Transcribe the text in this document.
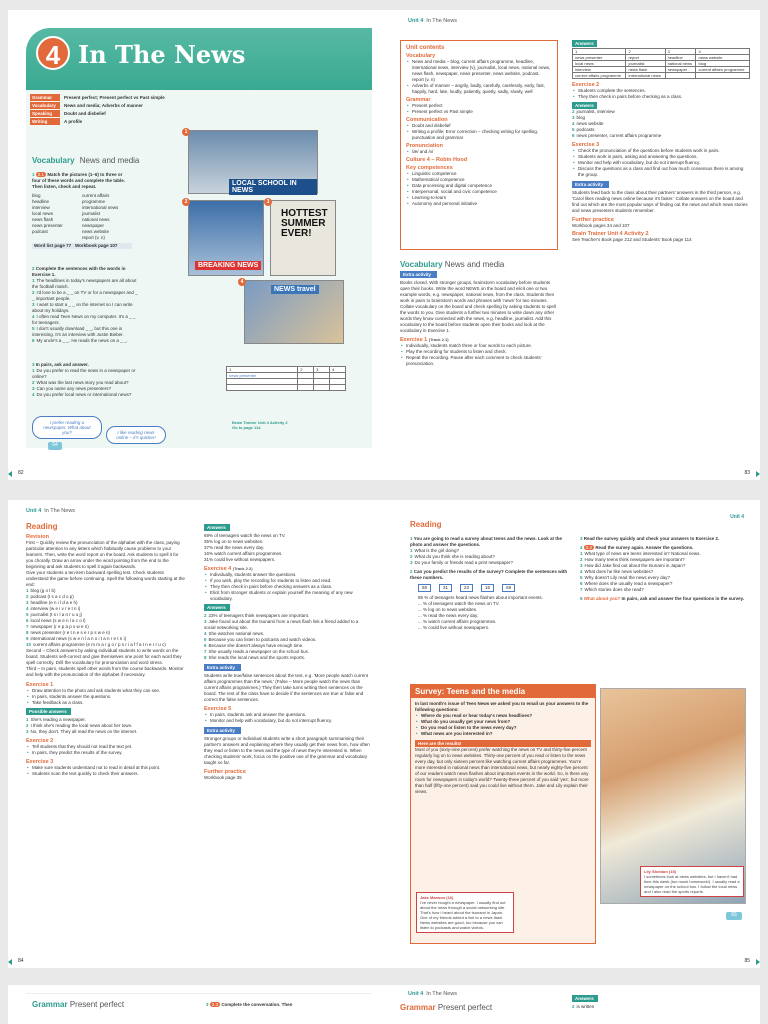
4 In The News
Grammar	Present perfect; Present perfect vs Past simple
Vocabulary	News and media; Adverbs of manner
Speaking	Doubt and disbelief
Writing	A profile
Vocabulary News and media
1 2.1 Match the pictures (1–6) to three or four of these words and complete the table. Then listen, check and repeat.
blog
headline
interview
local news
news flash
news presenter
podcast
current affairs programme
international news
journalist
national news
newspaper
news website
report (v, n)
Word list page 77 Workbook page 107
2 Complete the sentences with the words in Exercise 1.
1 The headlines in today's newspapers are all about the football match.
2 I'd love to be a _ _ on TV or for a newspaper and _ _ important people.
3 I want to start a _ _ on the internet so I can write about my holidays.
4 I often read Teen News on my computer. It's a _ _ for teenagers.
5 I don't usually download _ _, but this one is interesting. It's an interview with Justin Bieber.
6 My uncle's a _ _. He reads the news on a _ _.
3 In pairs, ask and answer.
1 Do you prefer to read the news in a newspaper or online?
2 What was the last news story you read about?
3 Can you name any news presenters?
4 Do you prefer local news or international news?
I prefer reading a newspaper. What about you?	I like reading news online – it's quicker!
LOCAL SCHOOL IN NEWS
1
BREAKING NEWS
2
HOTTEST SUMMER EVER!
3
NEWS travel
4
1	2	3	4
news presenter			

Brain Trainer Unit 4 Activity 2 Go to page 114
64
82
Unit 4 In The News
Unit contents
Vocabulary
• News and media – blog, current affairs programme, headline, international news, interview (v), journalist, local news, national news, news flash, newspaper, news presenter, news website, podcast, report (v, n)
• Adverbs of manner – angrily, badly, carefully, carelessly, early, fast, happily, hard, late, loudly, patiently, quietly, sadly, slowly, well
Grammar
• Present perfect
• Present perfect vs Past simple
Communication
• Doubt and disbelief
• Writing a profile; Error correction – checking writing for spelling, punctuation and grammar
Pronunciation
• /æ/ and /ʌ/
Culture 4 – Robin Hood
Key competences
• Linguistic competence
• Mathematical competence
• Data processing and digital competence
• Interpersonal, social and civic competence
• Learning-to-learn
• Autonomy and personal initiative
Vocabulary News and media
Extra activity
Books closed. With stronger groups, brainstorm vocabulary before students open their books. Write the word NEWS on the board and elicit one or two example words, e.g. newspaper, national news, from the class. Students then work in pairs to brainstorm words and phrases with 'news' for two minutes. Collate vocabulary on the board and check spelling by asking students to spell the words to you. Give students a further two minutes to write down any other words they know connected with the news, e.g. headline, journalist. Add this vocabulary to the board before students open their books and look at the vocabulary in Exercise 1.
Exercise 1 (Track 2.1)
• Individually, students match three or four words to each picture.
• Play the recording for students to listen and check.
• Repeat the recording. Pause after each comment to check students' pronunciation.
Answers
1	2	3	4
news presenter	report	headline	news website
local news	journalist	national news	blog
interview	news flash	newspaper	current affairs programme
current affairs programme	international news		
Exercise 2
• Students complete the sentences.
• They then check in pairs before checking as a class.
Answers
2 journalist, interview
3 blog
4 news website
5 podcasts
6 news presenter, current affairs programme
Exercise 3
• Check the pronunciation of the questions before students work in pairs.
• Students work in pairs, asking and answering the questions.
• Monitor and help with vocabulary, but do not interrupt fluency.
• Discuss the questions as a class and find out how much consensus there is among the group.
Extra activity
Students feed back to the class about their partners' answers in the third person, e.g. 'Carol likes reading news online because it's faster.' Collate answers on the board and find out which are the most popular ways of finding out the news and which news stories and news presenters students remember.
Further practice
Workbook pages 34 and 107
Brain Trainer Unit 4 Activity 2
See Teacher's Book page 212 and Students' Book page 114
83
Unit 4 In The News
Reading
Revision
First – Quickly review the pronunciation of the alphabet with the class, paying particular attention to any letters which habitually cause problems to your learners. Then, write the word report on the board. Ask students to spell it for you chorally. Draw an arrow under the word pointing from the end to the beginning and ask students to spell it again backwards.
Give your students a ten-item backward spelling test. Check students understand the game before continuing. Spell the following words starting at the end:
1 blog (g o l b)
2 podcast (t s a c d o p)
3 headline (e n i l d a e h)
4 interview (w e i v r e t n i)
5 journalist (t s i l a n r u o j)
6 local news (s w e n l a c o l)
7 newspaper (r e p a p s w e n)
8 news presenter (r e t n e s e r p s w e n)
9 international news (s w e n l a n o i t a n r e t n i)
10 current affairs programme (e m m a r g o r p s r i a f f a t n e r r u c)
Second – Check answers by asking individual students to write words on the board. Students self-correct and give themselves one point for each word they spell correctly. Drill the vocabulary for pronunciation and word stress.
Third – In pairs, students spell other words from the course backwards. Monitor and help with the pronunciation of the alphabet if necessary.
Exercise 1
• Draw attention to the photo and ask students what they can see.
• In pairs, students answer the questions.
• Take feedback as a class.
Possible answers
1 She's reading a newspaper.
2 I think she's reading the local news about her town.
3 No, they don't. They all read the news on the internet.
Exercise 2
• Tell students that they should not read the text yet.
• In pairs, they predict the results of the survey.
Exercise 3
• Make sure students understand not to read in detail at this point.
• Students scan the text quickly to check their answers.
Answers
69% of teenagers watch the news on TV.
35% log on to news websites.
37% read the news every day.
16% watch current affairs programmes.
31% could live without newspapers.
Exercise 4 (Track 2.2)
• Individually, students answer the questions.
• If you wish, play the recording for students to listen and read.
• They then check in pairs before checking answers as a class.
• Elicit from stronger students or explain yourself the meaning of any new vocabulary.
Answers
2 23% of teenagers think newspapers are important.
3 Jake found out about the tsunami from a news flash link a friend added to a social networking site.
4 She watches national news.
5 Because you can listen to podcasts and watch videos.
6 Because she doesn't always have enough time.
7 She usually reads a newspaper on the school bus.
8 She reads the local news and the sports reports.
Extra activity
Students write true/false sentences about the text, e.g. 'More people watch current affairs programmes than the news.' (False – More people watch the news than current affairs programmes.) They then take turns writing their sentences on the board. The rest of the class have to decide if the sentences are true or false and correct the false sentences.
Exercise 5
• In pairs, students ask and answer the questions.
• Monitor and help with vocabulary, but do not interrupt fluency.
Extra activity
Stronger groups or individual students write a short paragraph summarising their partner's answers and explaining where they usually get their news from, how often they read or listen to the news and the type of news they're interested in. When checking students' work, focus on the positive use of the grammar and vocabulary taught so far.
Further practice
Workbook page 35
84
Unit 4
Reading
1 You are going to read a survey about teens and the news. Look at the photo and answer the questions.
1 What is the girl doing?
2 What do you think she is reading about?
3 Do your family or friends read a print newspaper?
2 Can you predict the results of the survey? Complete the sentences with these numbers.
69	31	23	16	69
85 % of teenagers heard news flashes about important events.
... % of teenagers watch the news on TV.
... % log on to news websites.
... % read the news every day.
... % watch current affairs programmes.
... % could live without newspapers.
3 Read the survey quickly and check your answers to Exercise 2.
4 2.2 Read the survey again. Answer the questions.
1 What type of news are teens interested in? National news.
2 How many teens think newspapers are important?
3 How did Jake find out about the tsunami in Japan?
4 What does he like news websites?
5 Why doesn't Lily read the news every day?
6 Where does she usually read a newspaper?
7 Which stories does she read?
5 What about you? In pairs, ask and answer the four questions in the survey.
Survey: Teens and the media
In last month's issue of Teen News we asked you to email us your answers to the following questions:
• Where do you read or hear today's news headlines?
• What do you usually get your news from?
• Do you read or listen to the news every day?
• What news are you interested in?
Here are the results!
Most of you (sixty-nine percent) prefer watching the news on TV and thirty-five percent regularly log on to news websites. Thirty-one percent of you read or listen to the news every day, but only sixteen percent like watching current affairs programmes. You're more interested in national news than international news, but nearly eighty-five percent of our readers watch news flashes about important events in the world. So, is there any room for newspapers in today's world? Twenty-three percent of you said 'yes', but more than half (fifty-one percent) said you could live without them. Jake and Lily explain their views.
Jake Manson (16)
I've never bought a newspaper. I usually find out about the news through a social networking site. That's how I heard about the tsunami in Japan. One of my friends added a link to a news flash. News websites are good, too because you can listen to podcasts and watch videos.
Lily Sheldon (15)
I sometimes look at news websites, but I haven't had time this week (too much homework!). I usually read a newspaper on the school bus. I follow the local news and I also read the sports reports.
65
85
Grammar Present perfect	3 2.3 Complete the conversation. Then
Unit 4 In The News
Grammar Present perfect
Answers
2 is written
